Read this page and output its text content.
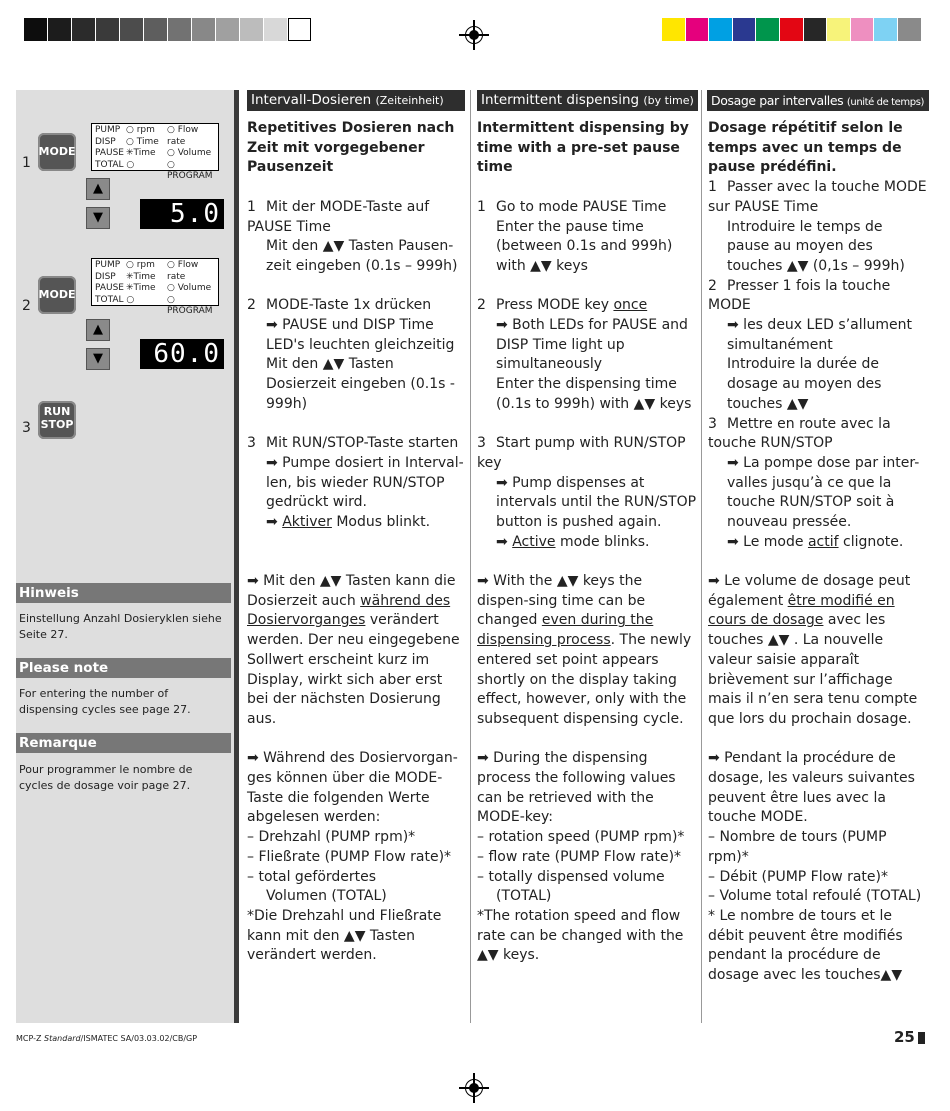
1
MODE
PUMP
DISP
PAUSE
TOTAL ○
○ rpm
○ Time
✳Time
○ Flow rate
○ Volume
○ PROGRAM
▲
▼	5.0
2
MODE
PUMP
DISP
PAUSE
TOTAL ○
○ rpm
✳Time
✳Time
○ Flow rate
○ Volume
○ PROGRAM
▲
▼	60.0
3
RUN
STOP
Hinweis
Einstellung Anzahl Dosieryklen siehe Seite 27.
Please note
For entering the number of dispensing cycles see page 27.
Remarque
Pour programmer le nombre de cycles de dosage voir page 27.
Intervall-Dosieren (Zeiteinheit)	Intermittent dispensing (by time)	Dosage par intervalles (unité de temps)

Repetitives Dosieren nach Zeit mit vorgegebener Pausenzeit

1 Mit der MODE-Taste auf PAUSE Time

Mit den ▲▼ Tasten Pausen-zeit eingeben (0.1s – 999h)

2 MODE-Taste 1x drücken

➡ PAUSE und DISP Time LED's leuchten gleichzeitig

Mit den ▲▼ Tasten Dosierzeit eingeben (0.1s - 999h)

3 Mit RUN/STOP-Taste starten

➡ Pumpe dosiert in Interval-len, bis wieder RUN/STOP gedrückt wird.

➡ Aktiver Modus blinkt.

➡ Mit den ▲▼ Tasten kann die Dosierzeit auch während des Dosiervorganges verändert werden. Der neu eingegebene Sollwert erscheint kurz im Display, wirkt sich aber erst bei der nächsten Dosierung aus.

➡ Während des Dosiervorgan-ges können über die MODE-Taste die folgenden Werte abgelesen werden:

– Drehzahl (PUMP rpm)*

– Fließrate (PUMP Flow rate)*

– total gefördertes

Volumen (TOTAL)

*Die Drehzahl und Fließrate kann mit den ▲▼ Tasten verändert werden.

Intermittent dispensing by time with a pre-set pause time

1 Go to mode PAUSE Time

Enter the pause time (between 0.1s and 999h) with ▲▼ keys

2 Press MODE key once

➡ Both LEDs for PAUSE and DISP Time light up simultaneously

Enter the dispensing time (0.1s to 999h) with ▲▼ keys

3 Start pump with RUN/STOP key

➡ Pump dispenses at intervals until the RUN/STOP button is pushed again.

➡ Active mode blinks.

➡ With the ▲▼ keys the dispen-sing time can be changed even during the dispensing process. The newly entered set point appears shortly on the display taking effect, however, only with the subsequent dispensing cycle.

➡ During the dispensing process the following values can be retrieved with the MODE-key:

– rotation speed (PUMP rpm)*

– flow rate (PUMP Flow rate)*

– totally dispensed volume

(TOTAL)

*The rotation speed and flow rate can be changed with the ▲▼ keys.

Dosage répétitif selon le temps avec un temps de pause prédéfini.

1 Passer avec la touche MODE sur PAUSE Time

Introduire le temps de pause au moyen des touches ▲▼ (0,1s – 999h)

2 Presser 1 fois la touche MODE

➡ les deux LED s’allument simultanément

Introduire la durée de dosage au moyen des touches ▲▼

3 Mettre en route avec la touche RUN/STOP

➡ La pompe dose par inter-valles jusqu’à ce que la touche RUN/STOP soit à nouveau pressée.

➡ Le mode actif clignote.

➡ Le volume de dosage peut également être modifié en cours de dosage avec les touches ▲▼ . La nouvelle valeur saisie apparaît brièvement sur l’affichage mais il n’en sera tenu compte que lors du prochain dosage.

➡ Pendant la procédure de dosage, les valeurs suivantes peuvent être lues avec la touche MODE.

– Nombre de tours (PUMP rpm)*

– Débit (PUMP Flow rate)*

– Volume total refoulé (TOTAL)

* Le nombre de tours et le débit peuvent être modifiés pendant la procédure de dosage avec les touches▲▼

MCP-Z Standard/ISMATEC SA/03.03.02/CB/GP	25
